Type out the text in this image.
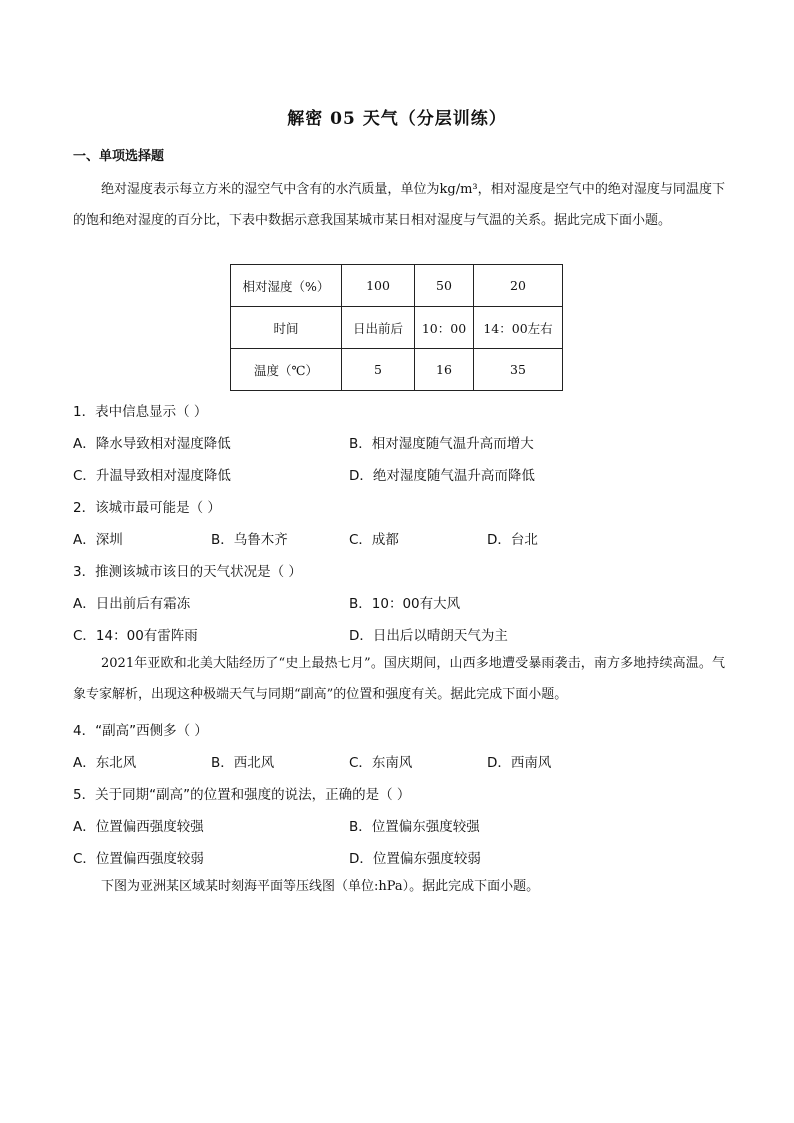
解密 05 天气（分层训练）
一、单项选择题
绝对湿度表示每立方米的湿空气中含有的水汽质量，单位为kg/m³，相对湿度是空气中的绝对湿度与同温度下的饱和绝对湿度的百分比，下表中数据示意我国某城市某日相对湿度与气温的关系。据此完成下面小题。
相对湿度（%）	100	50	20
时间	日出前后	10：00	14：00左右
温度（℃）	5	16	35
1．表中信息显示（ ）
A．降水导致相对湿度降低	B．相对湿度随气温升高而增大
C．升温导致相对湿度降低	D．绝对湿度随气温升高而降低
2．该城市最可能是（ ）
A．深圳	B．乌鲁木齐	C．成都	D．台北
3．推测该城市该日的天气状况是（ ）
A．日出前后有霜冻	B．10：00有大风
C．14：00有雷阵雨	D．日出后以晴朗天气为主
2021年亚欧和北美大陆经历了“史上最热七月”。国庆期间，山西多地遭受暴雨袭击，南方多地持续高温。气象专家解析，出现这种极端天气与同期“副高”的位置和强度有关。据此完成下面小题。
4．“副高”西侧多（ ）
A．东北风	B．西北风	C．东南风	D．西南风
5．关于同期“副高”的位置和强度的说法，正确的是（ ）
A．位置偏西强度较强	B．位置偏东强度较强
C．位置偏西强度较弱	D．位置偏东强度较弱
下图为亚洲某区域某时刻海平面等压线图（单位:hPa）。据此完成下面小题。
